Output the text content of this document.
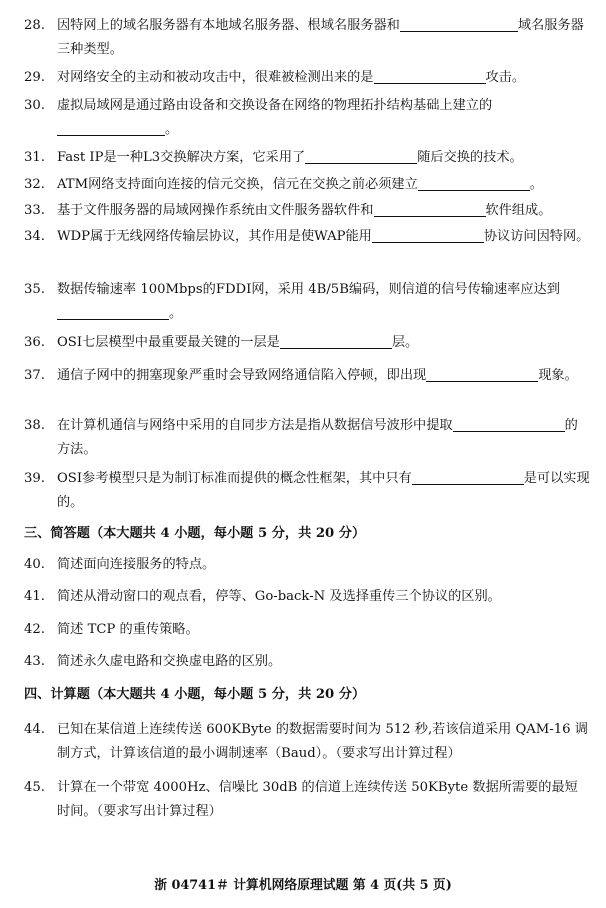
28. 因特网上的域名服务器有本地域名服务器、根域名服务器和	域名服务器三种类型。
29. 对网络安全的主动和被动攻击中，很难被检测出来的是	攻击。
30. 虚拟局域网是通过路由设备和交换设备在网络的物理拓扑结构基础上建立的。
31. Fast IP是一种L3交换解决方案，它采用了	随后交换的技术。
32. ATM网络支持面向连接的信元交换，信元在交换之前必须建立	。
33. 基于文件服务器的局域网操作系统由文件服务器软件和	软件组成。
34. WDP属于无线网络传输层协议，其作用是使WAP能用	协议访问因特网。
35. 数据传输速率 100Mbps的FDDI网，采用 4B/5B编码，则信道的信号传输速率应达到。
36. OSI七层模型中最重要最关键的一层是	层。
37. 通信子网中的拥塞现象严重时会导致网络通信陷入停顿，即出现	现象。
38. 在计算机通信与网络中采用的自同步方法是指从数据信号波形中提取	的方法。
39. OSI参考模型只是为制订标准而提供的概念性框架，其中只有	是可以实现的。
三、简答题（本大题共 4 小题，每小题 5 分，共 20 分）
40. 简述面向连接服务的特点。
41. 简述从滑动窗口的观点看，停等、Go-back-N 及选择重传三个协议的区别。
42. 简述 TCP 的重传策略。
43. 简述永久虚电路和交换虚电路的区别。
四、计算题（本大题共 4 小题，每小题 5 分，共 20 分）
44. 已知在某信道上连续传送 600KByte 的数据需要时间为 512 秒,若该信道采用 QAM-16 调制方式，计算该信道的最小调制速率（Baud）。（要求写出计算过程）
45. 计算在一个带宽 4000Hz、信噪比 30dB 的信道上连续传送 50KByte 数据所需要的最短时间。（要求写出计算过程）
浙 04741＃ 计算机网络原理试题 第 4 页(共 5 页)
